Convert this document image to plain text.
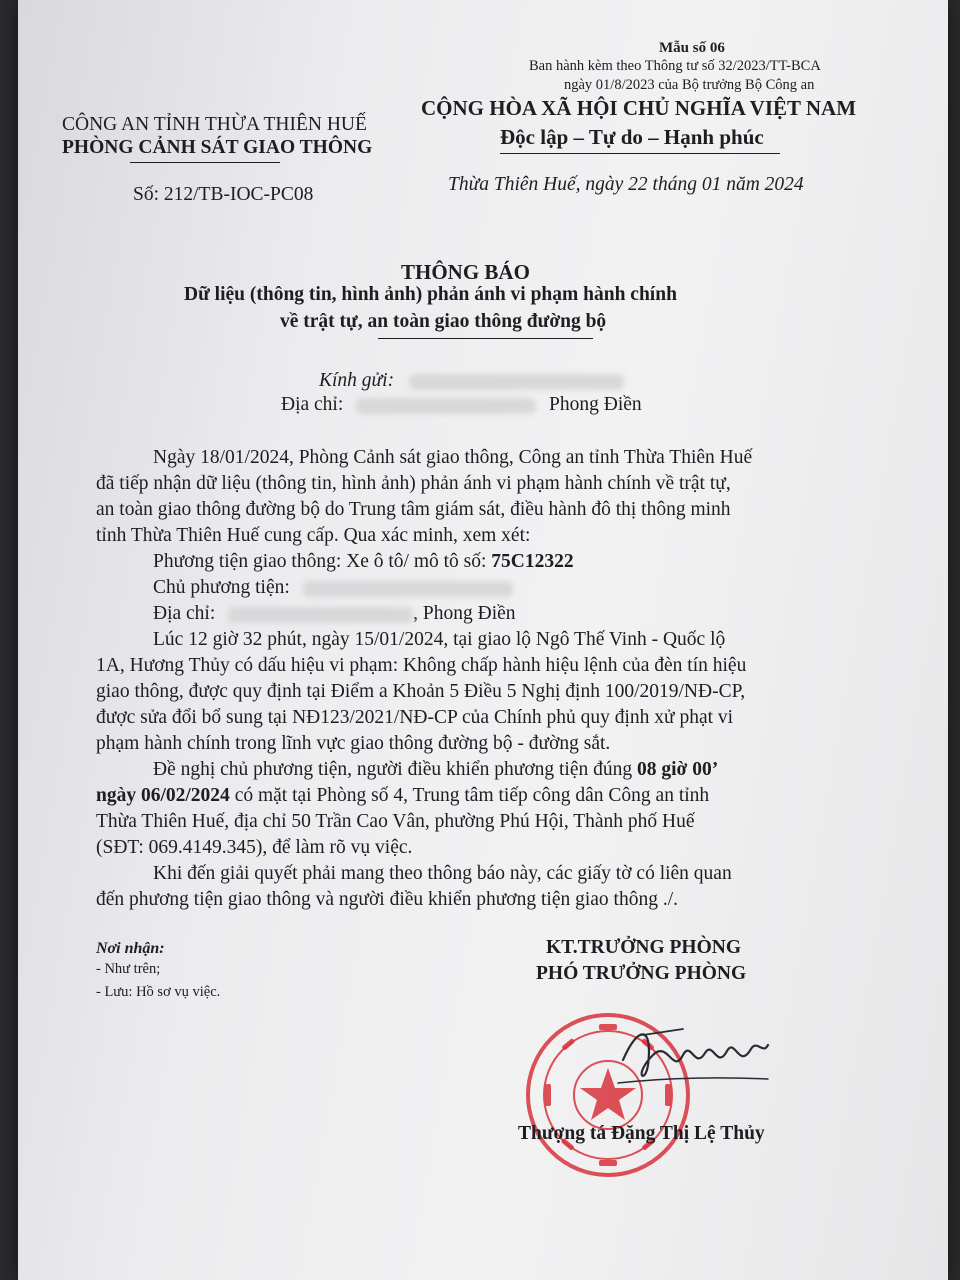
Mẫu số 06
Ban hành kèm theo Thông tư số 32/2023/TT-BCA
ngày 01/8/2023 của Bộ trưởng Bộ Công an
CÔNG AN TỈNH THỪA THIÊN HUẾ
PHÒNG CẢNH SÁT GIAO THÔNG
Số: 212/TB-IOC-PC08
CỘNG HÒA XÃ HỘI CHỦ NGHĨA VIỆT NAM
Độc lập – Tự do – Hạnh phúc
Thừa Thiên Huế, ngày 22 tháng 01 năm 2024
THÔNG BÁO
Dữ liệu (thông tin, hình ảnh) phản ánh vi phạm hành chính
về trật tự, an toàn giao thông đường bộ
Kính gửi:
Địa chỉ:	Phong Điền
Ngày 18/01/2024, Phòng Cảnh sát giao thông, Công an tỉnh Thừa Thiên Huế
đã tiếp nhận dữ liệu (thông tin, hình ảnh) phản ánh vi phạm hành chính về trật tự,
an toàn giao thông đường bộ do Trung tâm giám sát, điều hành đô thị thông minh
tỉnh Thừa Thiên Huế cung cấp. Qua xác minh, xem xét:
Phương tiện giao thông: Xe ô tô/ mô tô số: 75C12322
Chủ phương tiện:
Địa chỉ:	, Phong Điền
Lúc 12 giờ 32 phút, ngày 15/01/2024, tại giao lộ Ngô Thế Vinh - Quốc lộ
1A, Hương Thủy có dấu hiệu vi phạm: Không chấp hành hiệu lệnh của đèn tín hiệu
giao thông, được quy định tại Điểm a Khoản 5 Điều 5 Nghị định 100/2019/NĐ-CP,
được sửa đổi bổ sung tại NĐ123/2021/NĐ-CP của Chính phủ quy định xử phạt vi
phạm hành chính trong lĩnh vực giao thông đường bộ - đường sắt.
Đề nghị chủ phương tiện, người điều khiển phương tiện đúng 08 giờ 00’
ngày 06/02/2024 có mặt tại Phòng số 4, Trung tâm tiếp công dân Công an tỉnh
Thừa Thiên Huế, địa chỉ 50 Trần Cao Vân, phường Phú Hội, Thành phố Huế
(SĐT: 069.4149.345), để làm rõ vụ việc.
Khi đến giải quyết phải mang theo thông báo này, các giấy tờ có liên quan
đến phương tiện giao thông và người điều khiển phương tiện giao thông ./.
Nơi nhận:
- Như trên;
- Lưu: Hồ sơ vụ việc.
KT.TRƯỞNG PHÒNG
PHÓ TRƯỞNG PHÒNG
Thượng tá Đặng Thị Lệ Thủy
